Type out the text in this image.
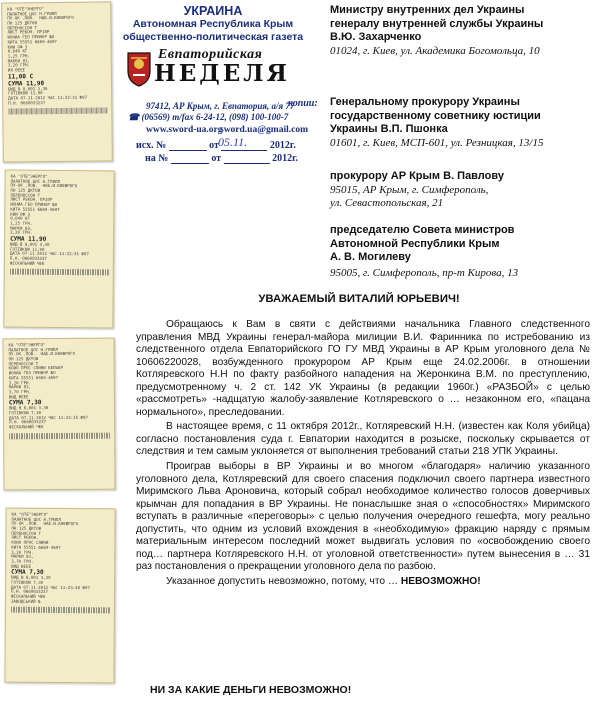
КА "ОТЕ"ЭНЕРГО"
ПАЛАТНОЕ ЦОС Н.ГРИЛЛ
ПУ-ОК .ПОВ.  НАБ.И.КНЕВРОГО
ПН 125 ДКТОВ
ПЕРЕНОССОН Т
ЛИСТ РЕКОН. ПР10Р
ИОНИА ГЕО ПРИНОР №О
КИТА 55551 6669-4697
КИИ ОФ 3
0,040 КГ
1,25 ГРН.
МАРКИ 83,
3,20 ГРН.
ИЯ ВЕЕЕ
11,00 С
СУМА 11,90
ВИД В 8,001 3,30
ГОТІВКОЮ 11,90
ДАТА 07-11-2012 ЧАС 11:22:31 Ф97
П.Н. 0660033237
КА "ОТЕ"ЭНЕРГО"
ПАЛАТНОЕ ЦОС Н.ГРИЛЛ
ПУ-ОК .ПОВ.  НАБ.И.КНЕВРОГО
ПН 125 ДКТОВ
ПЕРЕНОССОН Т
ЛИСТ РЕКОН. ПР10Р
ИОНИА ГЕО ПРИНОР №О
КИТА 55551 6669-4697
КИИ ОФ 3
0,040 КГ
1,25 ГРН.
МАРКИ 83,
3,20 ГРН.
СУМА 11,90
ВИД В 8,001 3,30
ГОТІВКОЮ 11,90
ДАТА 07-11-2012 ЧАС 11:22:31 Ф97
П.Н. 0660033237
ФІСКАЛЬНИЙ ЧЕК
КА "ОТЕ"ЭНЕРГО"
ПАЛАТНОЕ ЦОС Н.ГРИЛЛ
ПУ-ОК .ПОВ.  НАБ.И.КНЕВРОГО
ПН 125 ДКТОВ
ПЕРЕНОССОН Т
КОИО ПРОС СЛИНИ КЕЛЬЕР
ИОНИА ГЕО ПРИНОР №О
КИТА 55551 6669-4697
3,20 ГРН.
МАРКИ 83,
3,70 ГРН.
ВИД ВЕЕЕ
СУМА 7,30
ВИД В 8,001 3,30
ГОТІВКОЮ 7,30
ДАТА 07-11-2012 ЧАС 11:23:15 Ф97
П.Н. 0660033237
ФІСКАЛЬНИЙ ЧЕК
КА "ОТЕ"ЭНЕРГО"
ПАЛАТНОЕ ЦОС Н.ГРИЛЛ
ПУ-ОК .ПОВ.  НАБ.И.КНЕВРОГО
ПН 125 ДКТОВ
ПЕРЕНОССОН Т
ЛИСТ РЕКОН.
КОИО ПРОС СЛИНИ
КИТА 55551 6669-4697
3,20 ГРН.
МАРКИ 83,
3,70 ГРН.
ВИД ВЕЕЕ
СУМА 7,30
ВИД В 8,001 3,30
ГОТІВКОЮ 7,30
ДАТА 07-11-2012 ЧАС 11:23:40 Ф97
П.Н. 0660033237
ФІСКАЛЬНИЙ ЧЕК
ЗАВОДСЬКИЙ №
УКРАИНА
Автономная Республика Крым
общественно-политическая газета
Евпаторийская
НЕДЕЛЯ
97412, АР Крым, г. Евпатория, а/я 77
☎ (06569) т/fax 6-24-12, (098) 100-100-7
www.sword-ua.org
sword.ua@gmail.com
исх. №	от	2012г.
05.11.
на №	от	2012г.
копии:
Министру внутренних дел Украины
генералу внутренней службы Украины
В.Ю. Захарченко
01024, г. Киев, ул. Академика Богомольца, 10
Генеральному прокурору Украины
государственному советнику юстиции
Украины В.П. Пшонка
01601, г. Киев, МСП-601, ул. Резницкая, 13/15
прокурору АР Крым В. Павлову
95015, АР Крым, г. Симферополь,
ул. Севастопольская, 21
председателю Совета министров
Автономной Республики Крым
А. В. Могилеву
95005, г. Симферополь, пр-т Кирова, 13
УВАЖАЕМЫЙ ВИТАЛИЙ ЮРЬЕВИЧ!

Обращаюсь к Вам в святи с действиями начальника Главного следственного управления МВД Украины генерал-майора милиции В.И. Фаринника по истребованию из следственного отдела Евпаторийского ГО ГУ МВД Украины в АР Крым уголовного дела № 10606220028, возбужденного прокурором АР Крым еще 24.02.2006г. в отношении Котляревского Н.Н по факту разбойного нападения на Жеронкина В.М. по преступлению, предусмотренному ч. 2 ст. 142 УК Украины (в редакции 1960г.) «РАЗБОЙ» с целью «рассмотреть» -надщатую жалобу-заявление Котляревского о … незаконном его, «пацана нормального», преследовании.

В настоящее время, с 11 октября 2012г., Котляревский Н.Н. (известен как Коля убийца) согласно постановления суда г. Евпатории находится в розыске, поскольку скрывается от следствия и тем самым уклоняется от выполнения требований статьи 218 УПК Украины.

Проиграв выборы в ВР Украины и во многом «благодаря» наличию указанного уголовного дела, Котляревский для своего спасения подключил своего партнера известного Миримского Льва Ароновича, который собрал необходимое количество голосов доверчивых крымчан для попадания в ВР Украины. Не понаслышке зная о «способностях» Миримского вступать в различные «переговоры» с целью получения очередного гешефта, могу реально допустить, что одним из условий вхождения в «необходимую» фракцию наряду с прямым материальным интересом последний может выдвигать условия по «освобождению своего под… партнера Котляревского Н.Н. от уголовной ответственности» путем вынесения в … 31 раз постановления о прекращении уголовного дела по разбою.

Указанное допустить невозможно, потому, что … НЕВОЗМОЖНО!

НИ ЗА КАКИЕ ДЕНЬГИ НЕВОЗМОЖНО!
